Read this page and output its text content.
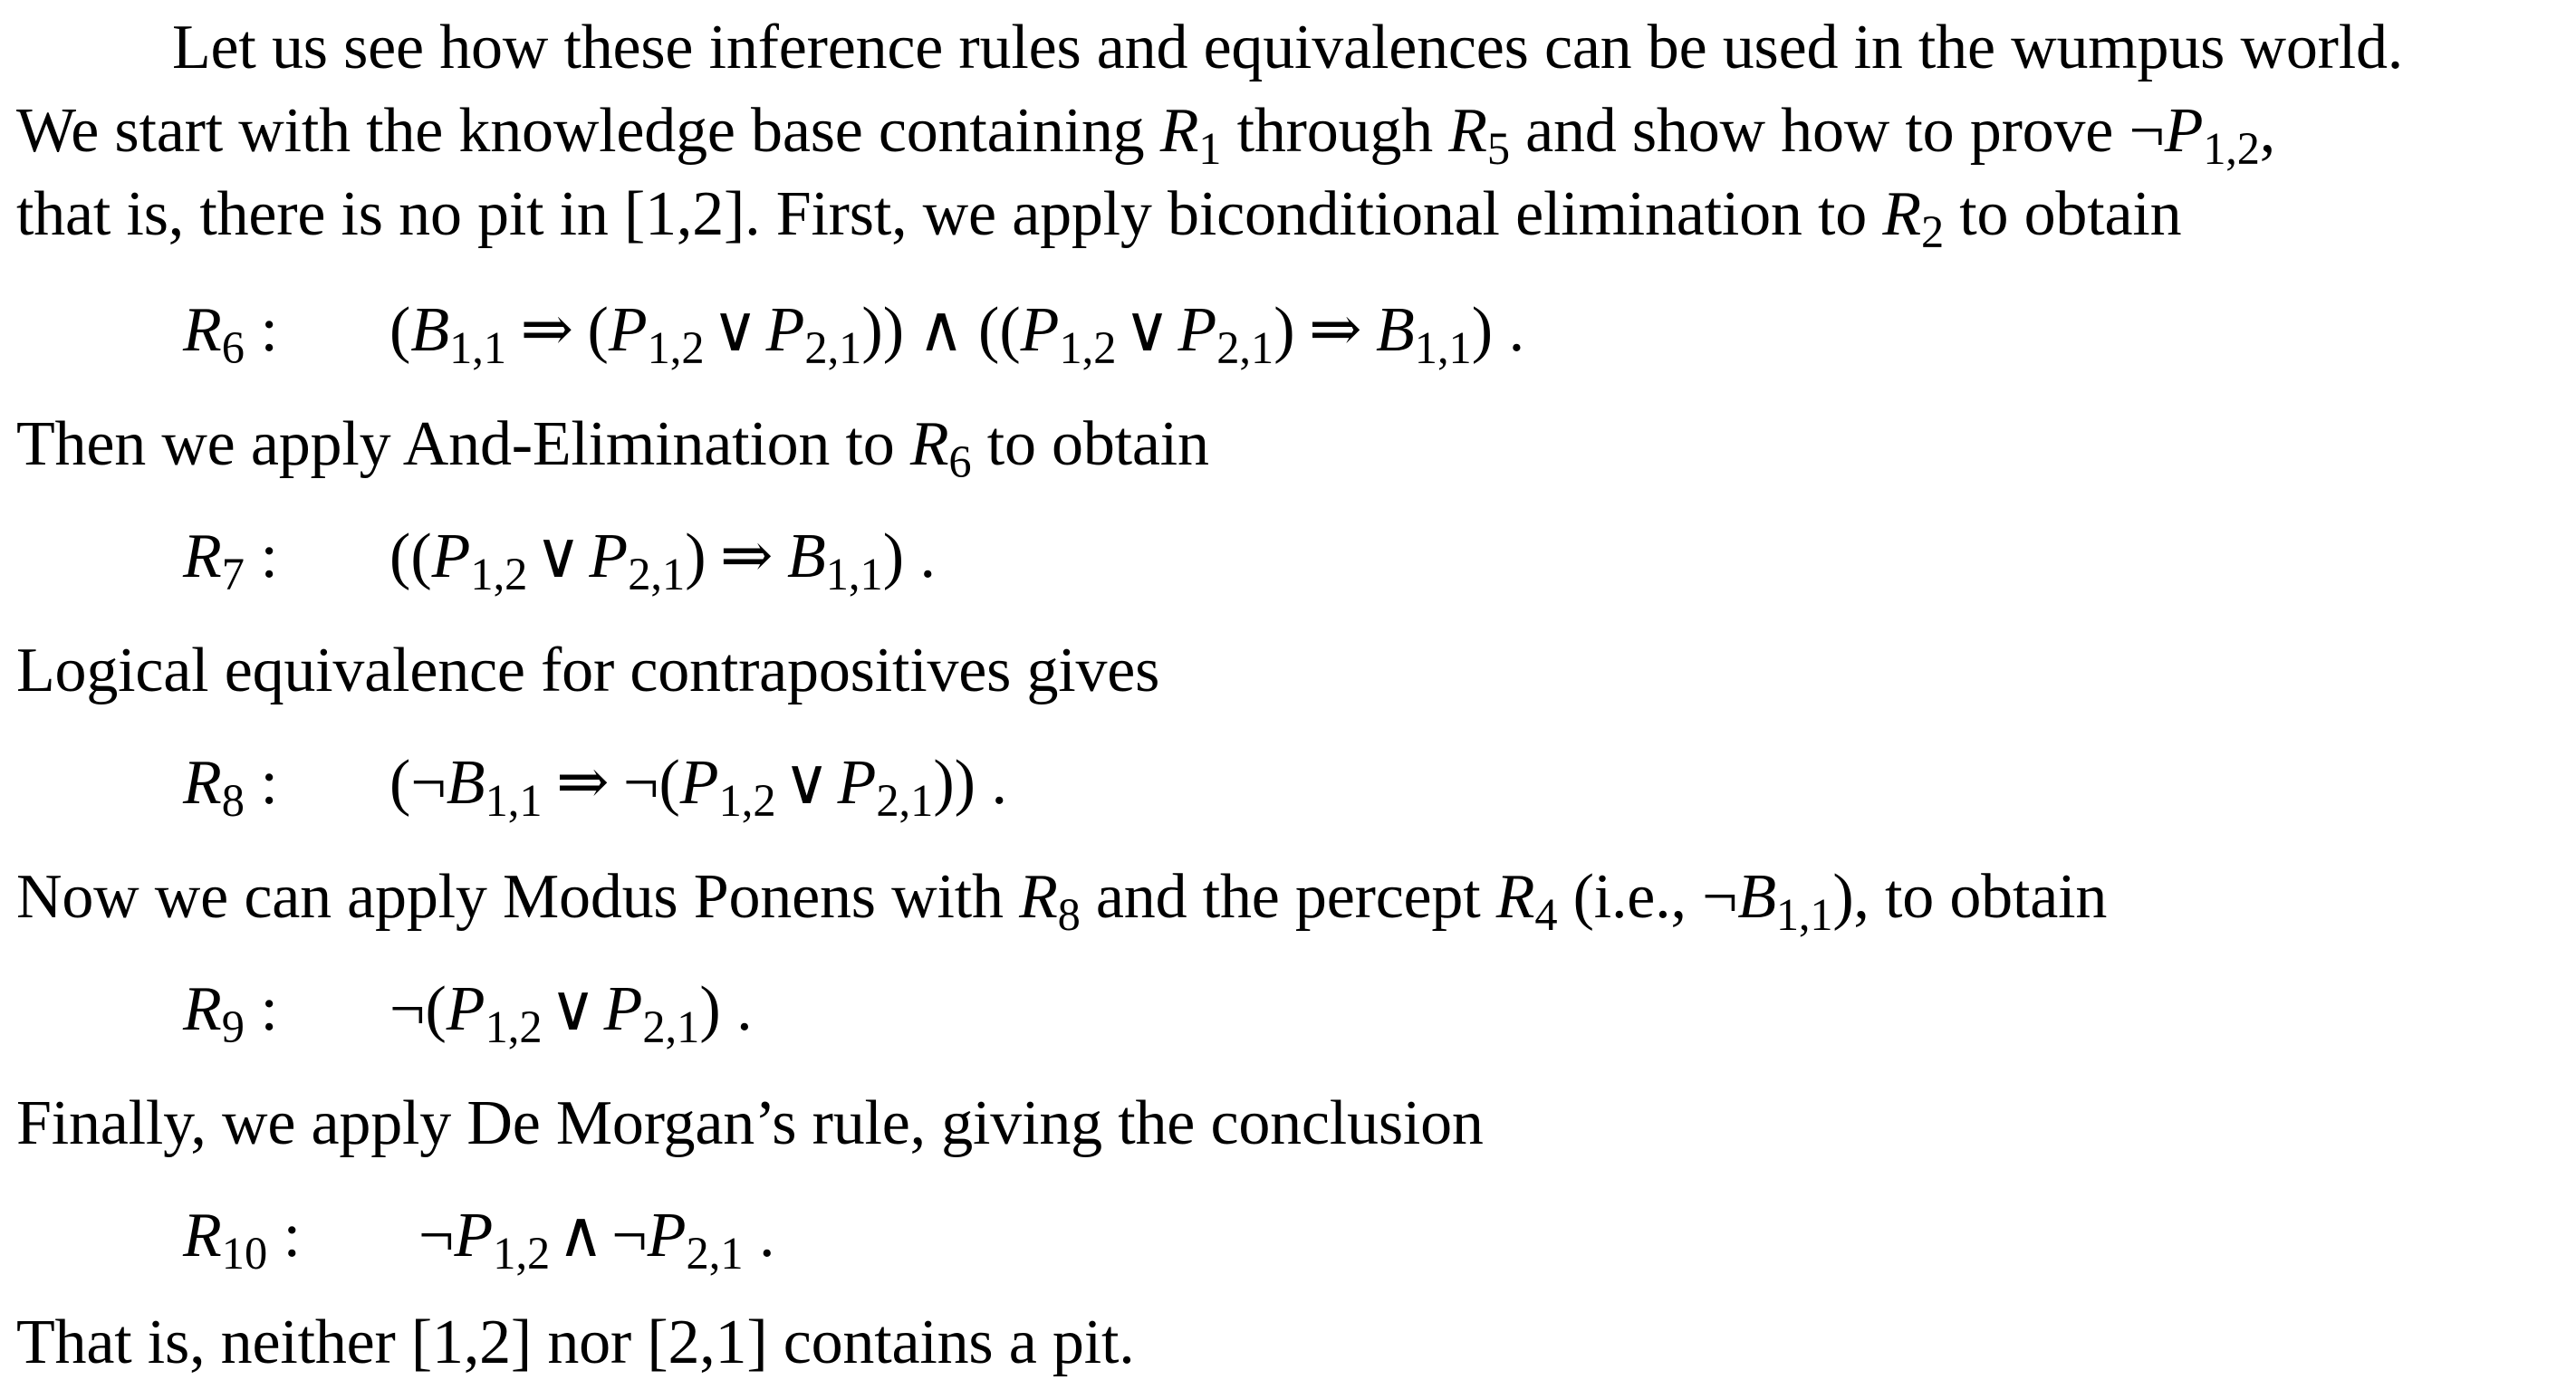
Let us see how these inference rules and equivalences can be used in the wumpus world.
We start with the knowledge base containing $R_1$ through $R_5$ and show how to prove $\neg P_{1,2}$,
that is, there is no pit in [1,2]. First, we apply biconditional elimination to $R_2$ to obtain
$R_6$ : ($B_{1,1}$ ⇒ ($P_{1,2}$ ∨ $P_{2,1}$)) ∧ (($P_{1,2}$ ∨ $P_{2,1}$) ⇒ $B_{1,1}$) .
Then we apply And-Elimination to $R_6$ to obtain
$R_7$ : (($P_{1,2}$ ∨ $P_{2,1}$) ⇒ $B_{1,1}$) .
Logical equivalence for contrapositives gives
$R_8$ : ($\neg B_{1,1}$ ⇒ $\neg(P_{1,2}$ ∨ $P_{2,1}$)) .
Now we can apply Modus Ponens with $R_8$ and the percept $R_4$ (i.e., $\neg B_{1,1}$), to obtain
$R_9$ : $\neg(P_{1,2}$ ∨ $P_{2,1}$) .
Finally, we apply De Morgan’s rule, giving the conclusion
$R_{10}$ : $\neg P_{1,2}$ ∧ $\neg P_{2,1}$ .
That is, neither [1,2] nor [2,1] contains a pit.
